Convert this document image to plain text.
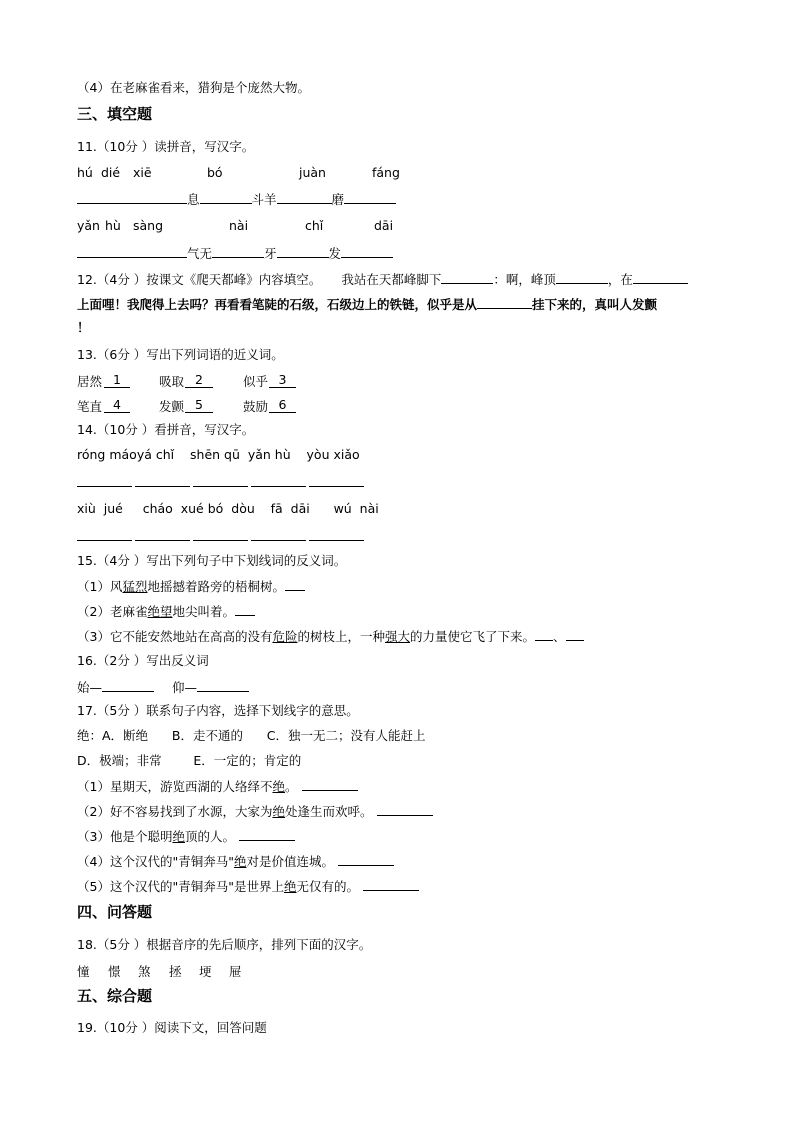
（4）在老麻雀看来，猎狗是个庞然大物。
三、填空题
11.（10分 ）读拼音，写汉字。
hú dié xiē	bó	juàn	fáng
息	斗羊	磨
yǎn hù sàng	nài	chǐ	dāi
气无	牙	发
12.（4分 ）按课文《爬天都峰》内容填空。 我站在天都峰脚下	：啊，峰顶	，在
上面哩！我爬得上去吗？再看看笔陡的石级，石级边上的铁链，似乎是从	挂下来的，真叫人发颤
！
13.（6分 ）写出下列词语的近义词。
居然 1	吸取 2	似乎 3
笔直 4	发颤 5	鼓励 6
14.（10分 ）看拼音，写汉字。
róng máoyá chǐ    shēn qū  yǎn hù    yòu xiǎo
xiù  jué     cháo  xué bó  dòu    fā  dāi      wú  nài
15.（4分 ）写出下列句子中下划线词的反义词。
（1）风猛烈地摇撼着路旁的梧桐树。
（2）老麻雀绝望地尖叫着。
（3）它不能安然地站在高高的没有危险的树枝上，一种强大的力量使它飞了下来。 、
16.（2分 ）写出反义词
始—	仰—
17.（5分 ）联系句子内容，选择下划线字的意思。
绝：A．断绝      B．走不通的      C．独一无二；没有人能赶上
D．极端；非常        E．一定的；肯定的
（1）星期天，游览西湖的人络绎不绝。
（2）好不容易找到了水源，大家为绝处逢生而欢呼。
（3）他是个聪明绝顶的人。
（4）这个汉代的"青铜奔马"绝对是价值连城。
（5）这个汉代的"青铜奔马"是世界上绝无仅有的。
四、问答题
18.（5分 ）根据音序的先后顺序，排列下面的汉字。
憧 憬 煞 拯 埂 屉
五、综合题
19.（10分 ）阅读下文，回答问题
